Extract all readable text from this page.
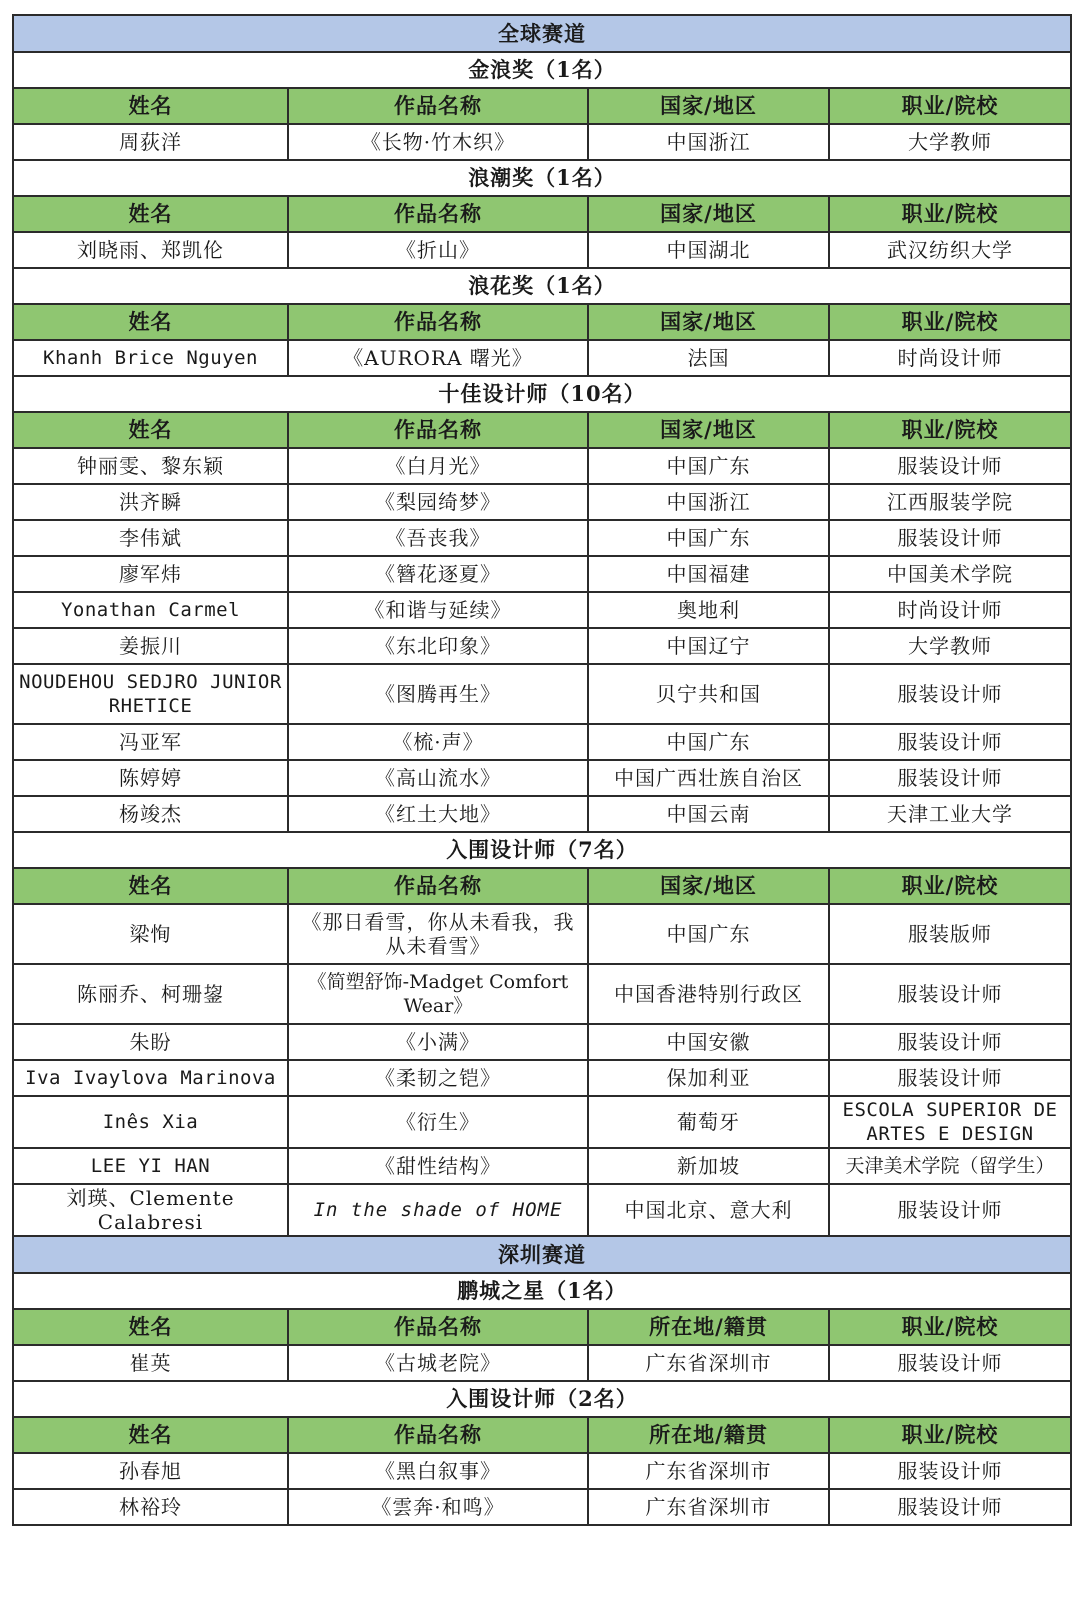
全球赛道			
金浪奖（1名）			
姓名	作品名称	国家/地区	职业/院校
周荻洋	《长物·竹木织》	中国浙江	大学教师
浪潮奖（1名）			
姓名	作品名称	国家/地区	职业/院校
刘晓雨、郑凯伦	《折山》	中国湖北	武汉纺织大学
浪花奖（1名）			
姓名	作品名称	国家/地区	职业/院校
Khanh Brice Nguyen	《AURORA 曙光》	法国	时尚设计师
十佳设计师（10名）			
姓名	作品名称	国家/地区	职业/院校
钟丽雯、黎东颖	《白月光》	中国广东	服装设计师
洪齐瞬	《梨园绮梦》	中国浙江	江西服装学院
李伟斌	《吾丧我》	中国广东	服装设计师
廖军炜	《簪花逐夏》	中国福建	中国美术学院
Yonathan Carmel	《和谐与延续》	奥地利	时尚设计师
姜振川	《东北印象》	中国辽宁	大学教师
NOUDEHOU SEDJRO JUNIOR RHETICE	《图腾再生》	贝宁共和国	服装设计师
冯亚军	《梳·声》	中国广东	服装设计师
陈婷婷	《高山流水》	中国广西壮族自治区	服装设计师
杨竣杰	《红土大地》	中国云南	天津工业大学
入围设计师（7名）			
姓名	作品名称	国家/地区	职业/院校
梁恂	《那日看雪，你从未看我，我从未看雪》	中国广东	服装版师
陈丽乔、柯珊鋆	《简塑舒饰-Madget Comfort Wear》	中国香港特别行政区	服装设计师
朱盼	《小满》	中国安徽	服装设计师
Iva Ivaylova Marinova	《柔韧之铠》	保加利亚	服装设计师
Inês Xia	《衍生》	葡萄牙	ESCOLA SUPERIOR DE ARTES E DESIGN
LEE YI HAN	《甜性结构》	新加坡	天津美术学院（留学生）
刘瑛、Clemente Calabresi	In the shade of HOME	中国北京、意大利	服装设计师
深圳赛道			
鹏城之星（1名）			
姓名	作品名称	所在地/籍贯	职业/院校
崔英	《古城老院》	广东省深圳市	服装设计师
入围设计师（2名）			
姓名	作品名称	所在地/籍贯	职业/院校
孙春旭	《黑白叙事》	广东省深圳市	服装设计师
林裕玲	《雲奔·和鸣》	广东省深圳市	服装设计师
